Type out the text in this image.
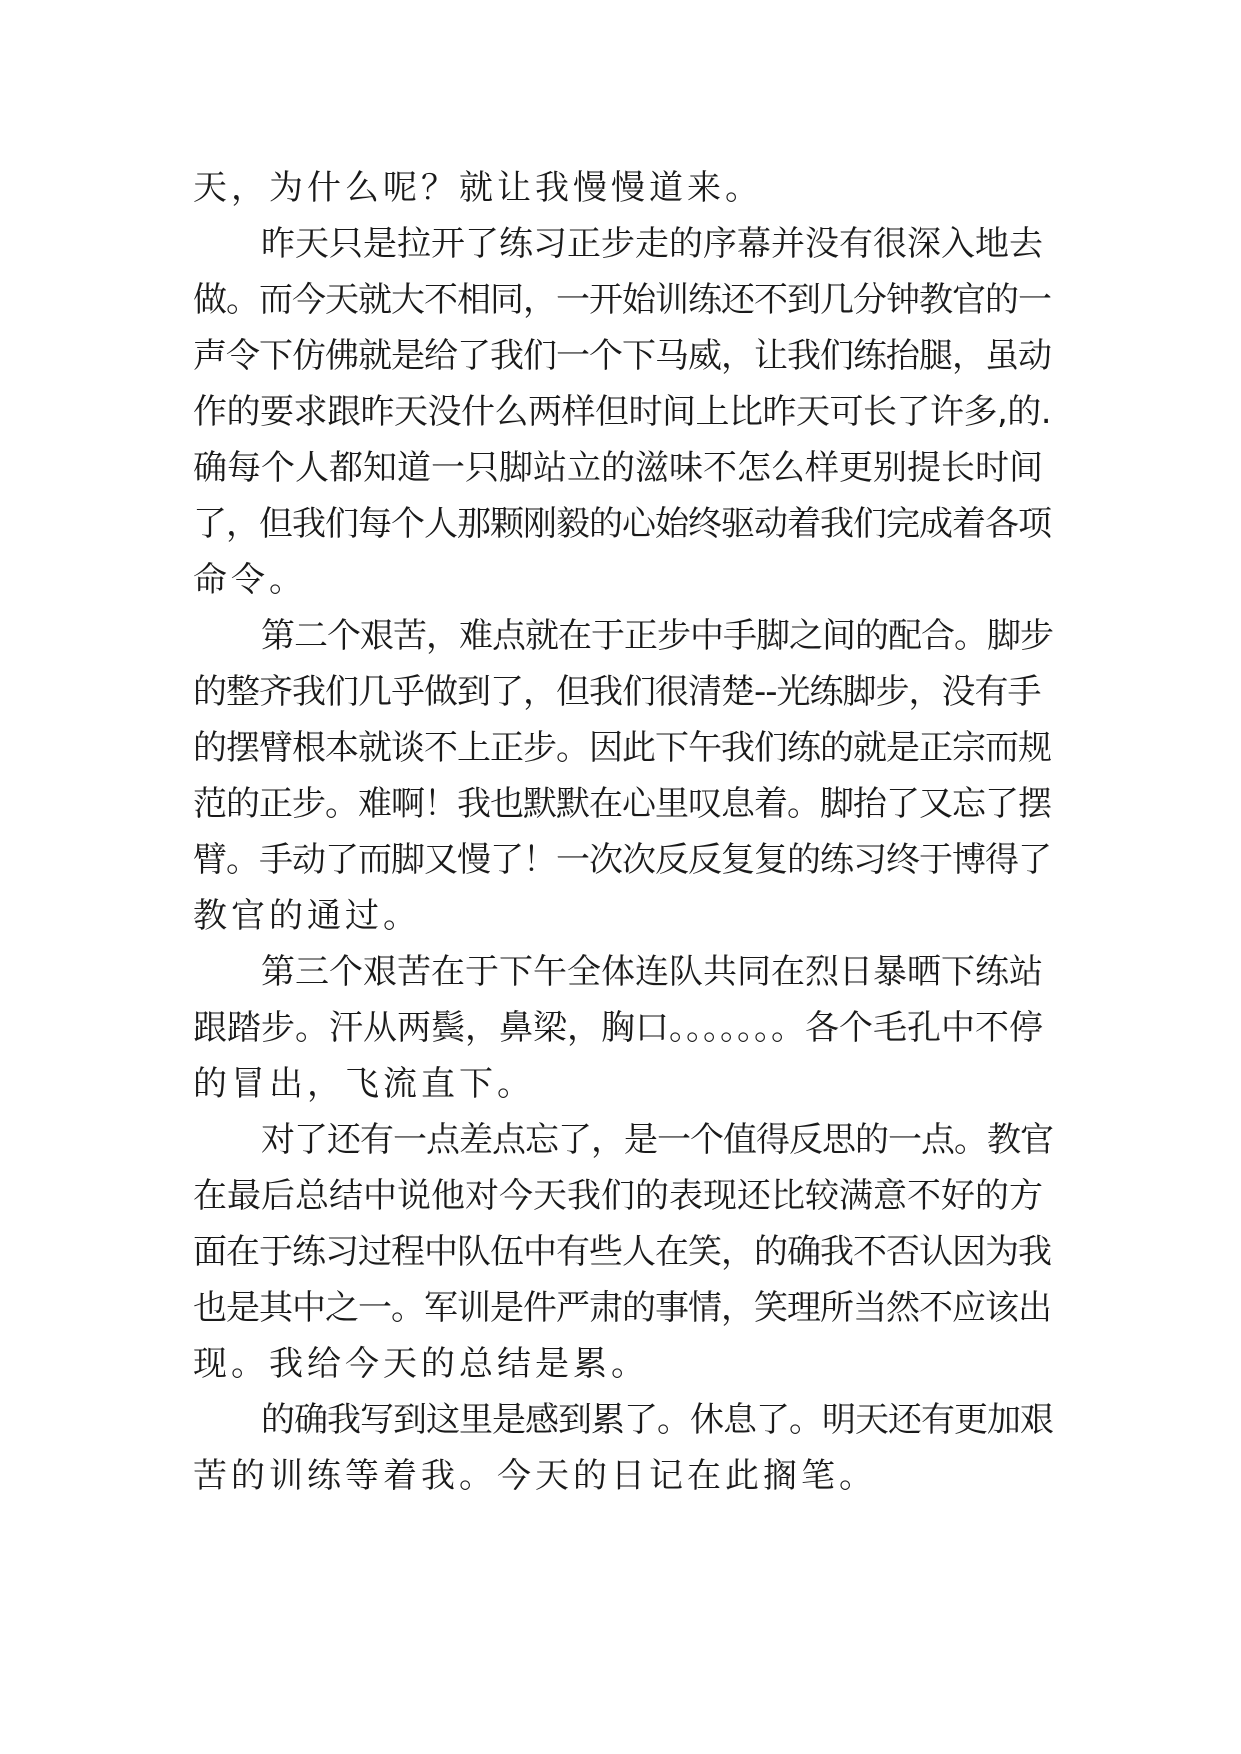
天，为什么呢？就让我慢慢道来。
昨天只是拉开了练习正步走的序幕并没有很深入地去
做。而今天就大不相同，一开始训练还不到几分钟教官的一
声令下仿佛就是给了我们一个下马威，让我们练抬腿，虽动
作的要求跟昨天没什么两样但时间上比昨天可长了许多,的.
确每个人都知道一只脚站立的滋味不怎么样更别提长时间
了，但我们每个人那颗刚毅的心始终驱动着我们完成着各项
命令。
第二个艰苦，难点就在于正步中手脚之间的配合。脚步
的整齐我们几乎做到了，但我们很清楚--光练脚步，没有手
的摆臂根本就谈不上正步。因此下午我们练的就是正宗而规
范的正步。难啊！我也默默在心里叹息着。脚抬了又忘了摆
臂。手动了而脚又慢了！一次次反反复复的练习终于博得了
教官的通过。
第三个艰苦在于下午全体连队共同在烈日暴晒下练站
跟踏步。汗从两鬓，鼻梁，胸口。。。。。。。各个毛孔中不停
的冒出，飞流直下。
对了还有一点差点忘了，是一个值得反思的一点。教官
在最后总结中说他对今天我们的表现还比较满意不好的方
面在于练习过程中队伍中有些人在笑，的确我不否认因为我
也是其中之一。军训是件严肃的事情，笑理所当然不应该出
现。我给今天的总结是累。
的确我写到这里是感到累了。休息了。明天还有更加艰
苦的训练等着我。今天的日记在此搁笔。
